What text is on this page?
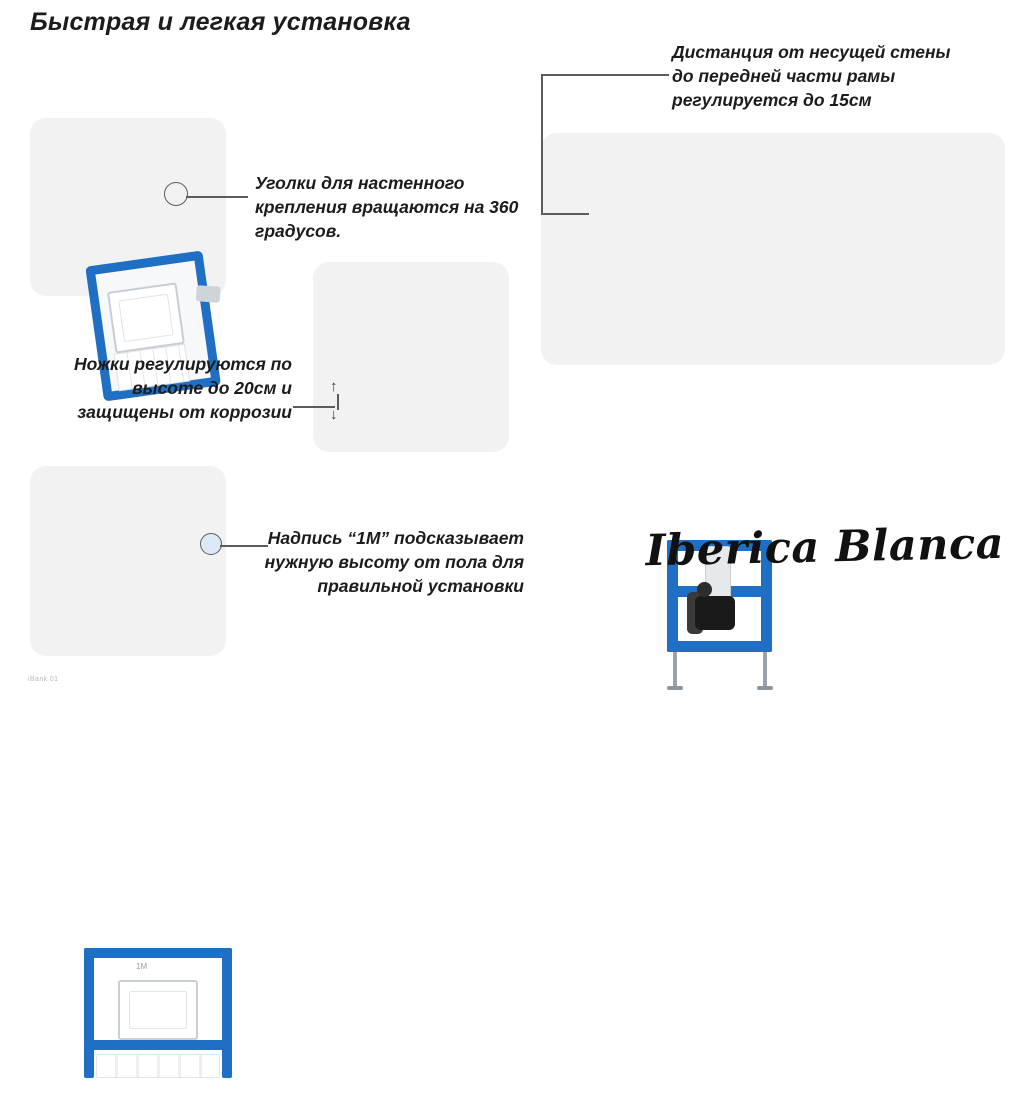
Быстрая и легкая установка
Уголки для настенного крепления вращаются на 360 градусов.
↑
↓
Ножки регулируются по высоте до 20см и защищены от коррозии
1M
Надпись “1М” подсказывает нужную высоту от пола для правильной установки
Дистанция от несущей стены до передней части рамы регулируется до 15см
Iberica Blanca
iBank 01
